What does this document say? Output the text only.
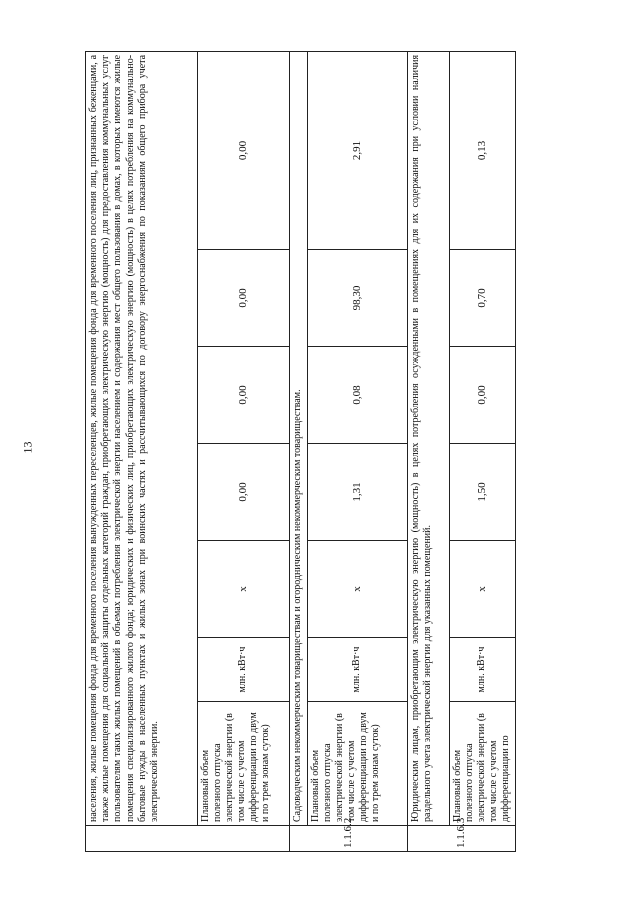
13
		населения, жилые помещения фонда для временного поселения вынужденных переселенцев, жилые помещения фонда для временного поселения лиц, признанных беженцами, а также жилые помещения для социальной защиты отдельных категорий граждан, приобретающих электрическую энергию (мощность) для предоставления коммунальных услуг пользователям таких жилых помещений в объемах потребления электрической энергии населением и содержания мест общего пользования в домах, в которых имеются жилые помещения специализированного жилого фонда; юридических и физических лиц, приобретающих электрическую энергию (мощность) в целях потребления на коммунально-бытовые нужды в населенных пунктах и жилых зонах при воинских частях и рассчитывающихся по договору энергоснабжения по показаниям общего прибора учета электрической энергии.						
	Плановый объем полезного отпуска электрической энергии (в том числе с учетом дифференциации по двум и по трем зонам суток)	млн. кВт·ч	x	0,00	0,00	0,00	0,00
1.1.6.2	Садоводческим некоммерческим товариществам и огородническим некоммерческим товариществам.						
	Плановый объем полезного отпуска электрической энергии (в том числе с учетом дифференциации по двум и по трем зонам суток)	млн. кВт·ч	x	1,31	0,08	98,30	2,91
1.1.6.3	Юридическим лицам, приобретающим электрическую энергию (мощность) в целях потребления осужденными в помещениях для их содержания при условии наличия раздельного учета электрической энергии для указанных помещений.						
	Плановый объем полезного отпуска электрической энергии (в том числе с учетом дифференциации по	млн. кВт·ч	x	1,50	0,00	0,70	0,13
